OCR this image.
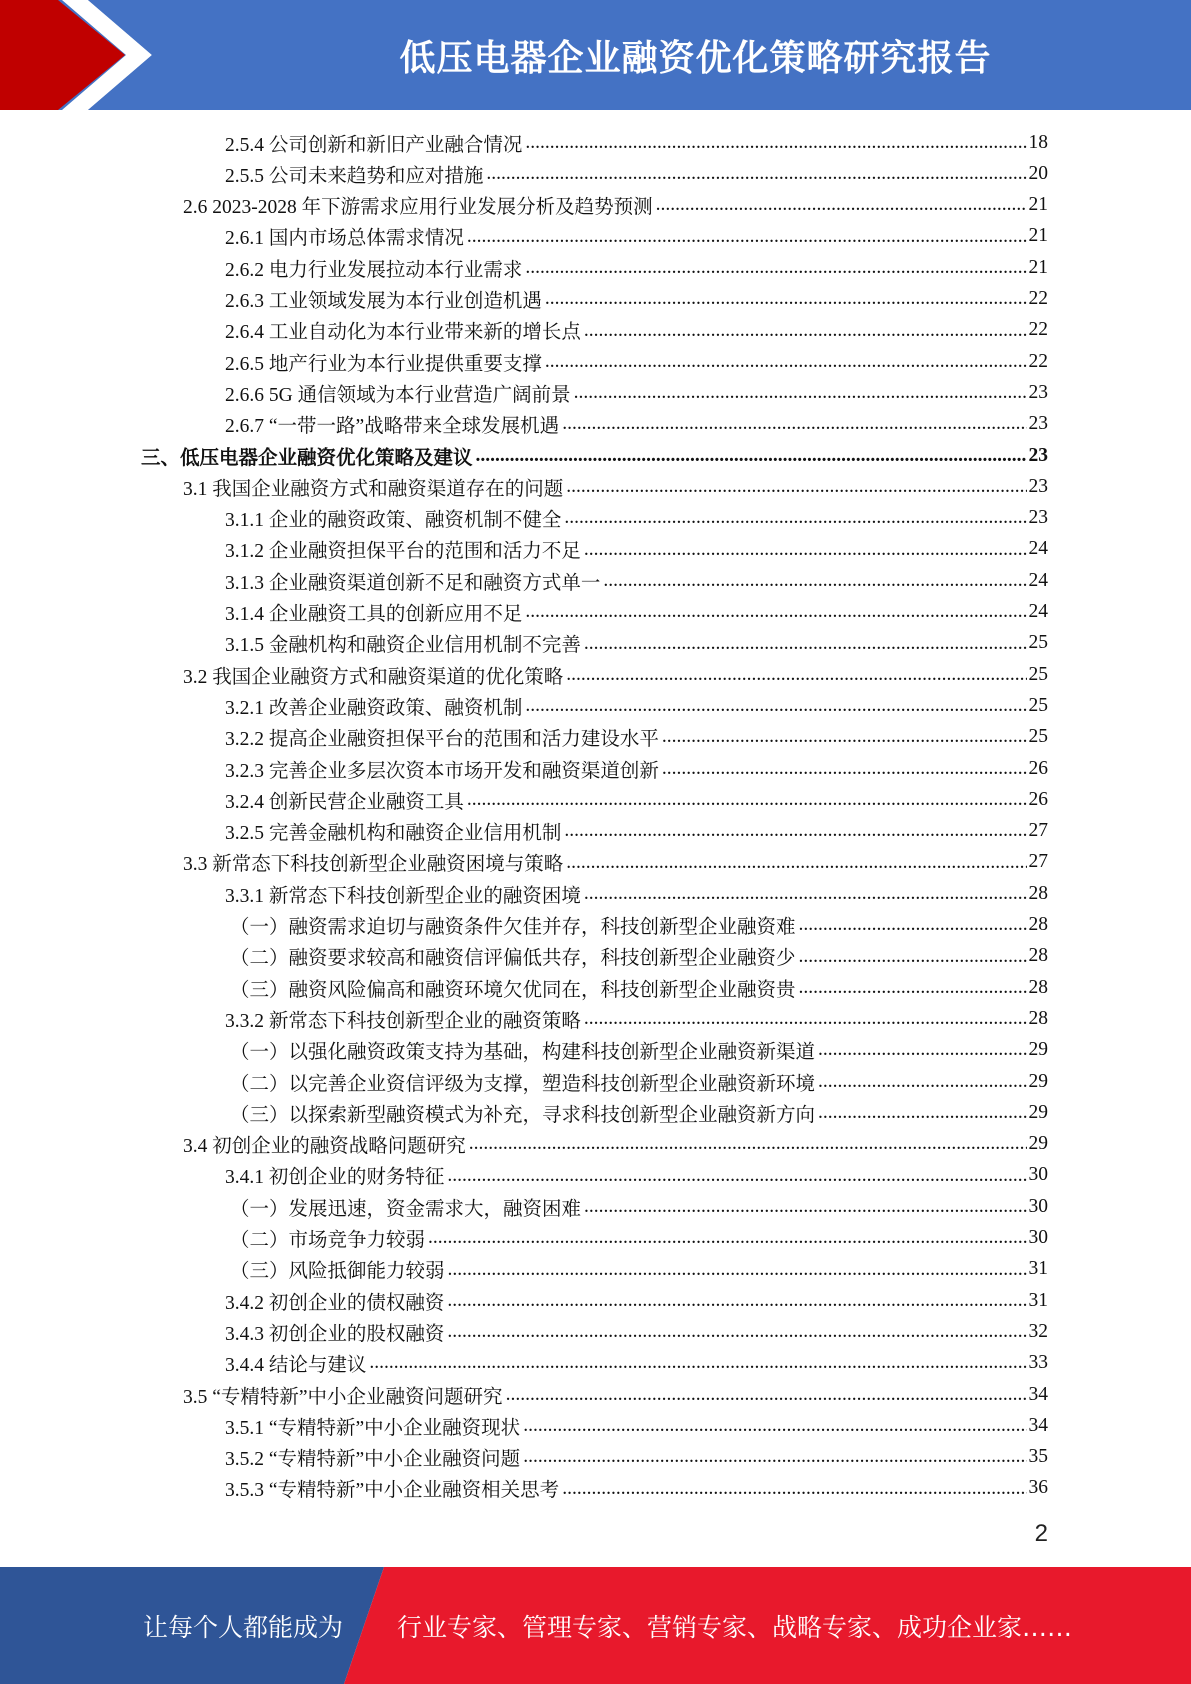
低压电器企业融资优化策略研究报告
2.5.4 公司创新和新旧产业融合情况 .....	18
2.5.5 公司未来趋势和应对措施 .....	20
2.6 2023-2028 年下游需求应用行业发展分析及趋势预测 .....	21
2.6.1 国内市场总体需求情况 .....	21
2.6.2 电力行业发展拉动本行业需求 .....	21
2.6.3 工业领域发展为本行业创造机遇 .....	22
2.6.4 工业自动化为本行业带来新的增长点 .....	22
2.6.5 地产行业为本行业提供重要支撑 .....	22
2.6.6 5G 通信领域为本行业营造广阔前景 .....	23
2.6.7 “一带一路”战略带来全球发展机遇 .....	23
三、低压电器企业融资优化策略及建议 .....	23
3.1 我国企业融资方式和融资渠道存在的问题 .....	23
3.1.1 企业的融资政策、融资机制不健全 .....	23
3.1.2 企业融资担保平台的范围和活力不足 .....	24
3.1.3 企业融资渠道创新不足和融资方式单一 .....	24
3.1.4 企业融资工具的创新应用不足 .....	24
3.1.5 金融机构和融资企业信用机制不完善 .....	25
3.2 我国企业融资方式和融资渠道的优化策略 .....	25
3.2.1 改善企业融资政策、融资机制 .....	25
3.2.2 提高企业融资担保平台的范围和活力建设水平 .....	25
3.2.3 完善企业多层次资本市场开发和融资渠道创新 .....	26
3.2.4 创新民营企业融资工具 .....	26
3.2.5 完善金融机构和融资企业信用机制 .....	27
3.3 新常态下科技创新型企业融资困境与策略 .....	27
3.3.1 新常态下科技创新型企业的融资困境 .....	28
（一）融资需求迫切与融资条件欠佳并存，科技创新型企业融资难 .....	28
（二）融资要求较高和融资信评偏低共存，科技创新型企业融资少 .....	28
（三）融资风险偏高和融资环境欠优同在，科技创新型企业融资贵 .....	28
3.3.2 新常态下科技创新型企业的融资策略 .....	28
（一）以强化融资政策支持为基础，构建科技创新型企业融资新渠道 .....	29
（二）以完善企业资信评级为支撑，塑造科技创新型企业融资新环境 .....	29
（三）以探索新型融资模式为补充，寻求科技创新型企业融资新方向 .....	29
3.4 初创企业的融资战略问题研究 .....	29
3.4.1 初创企业的财务特征 .....	30
（一）发展迅速，资金需求大，融资困难 .....	30
（二）市场竞争力较弱 .....	30
（三）风险抵御能力较弱 .....	31
3.4.2 初创企业的债权融资 .....	31
3.4.3 初创企业的股权融资 .....	32
3.4.4 结论与建议 .....	33
3.5 “专精特新”中小企业融资问题研究 .....	34
3.5.1 “专精特新”中小企业融资现状 .....	34
3.5.2 “专精特新”中小企业融资问题 .....	35
3.5.3 “专精特新”中小企业融资相关思考 .....	36
2
让每个人都能成为 行业专家、管理专家、营销专家、战略专家、成功企业家……
